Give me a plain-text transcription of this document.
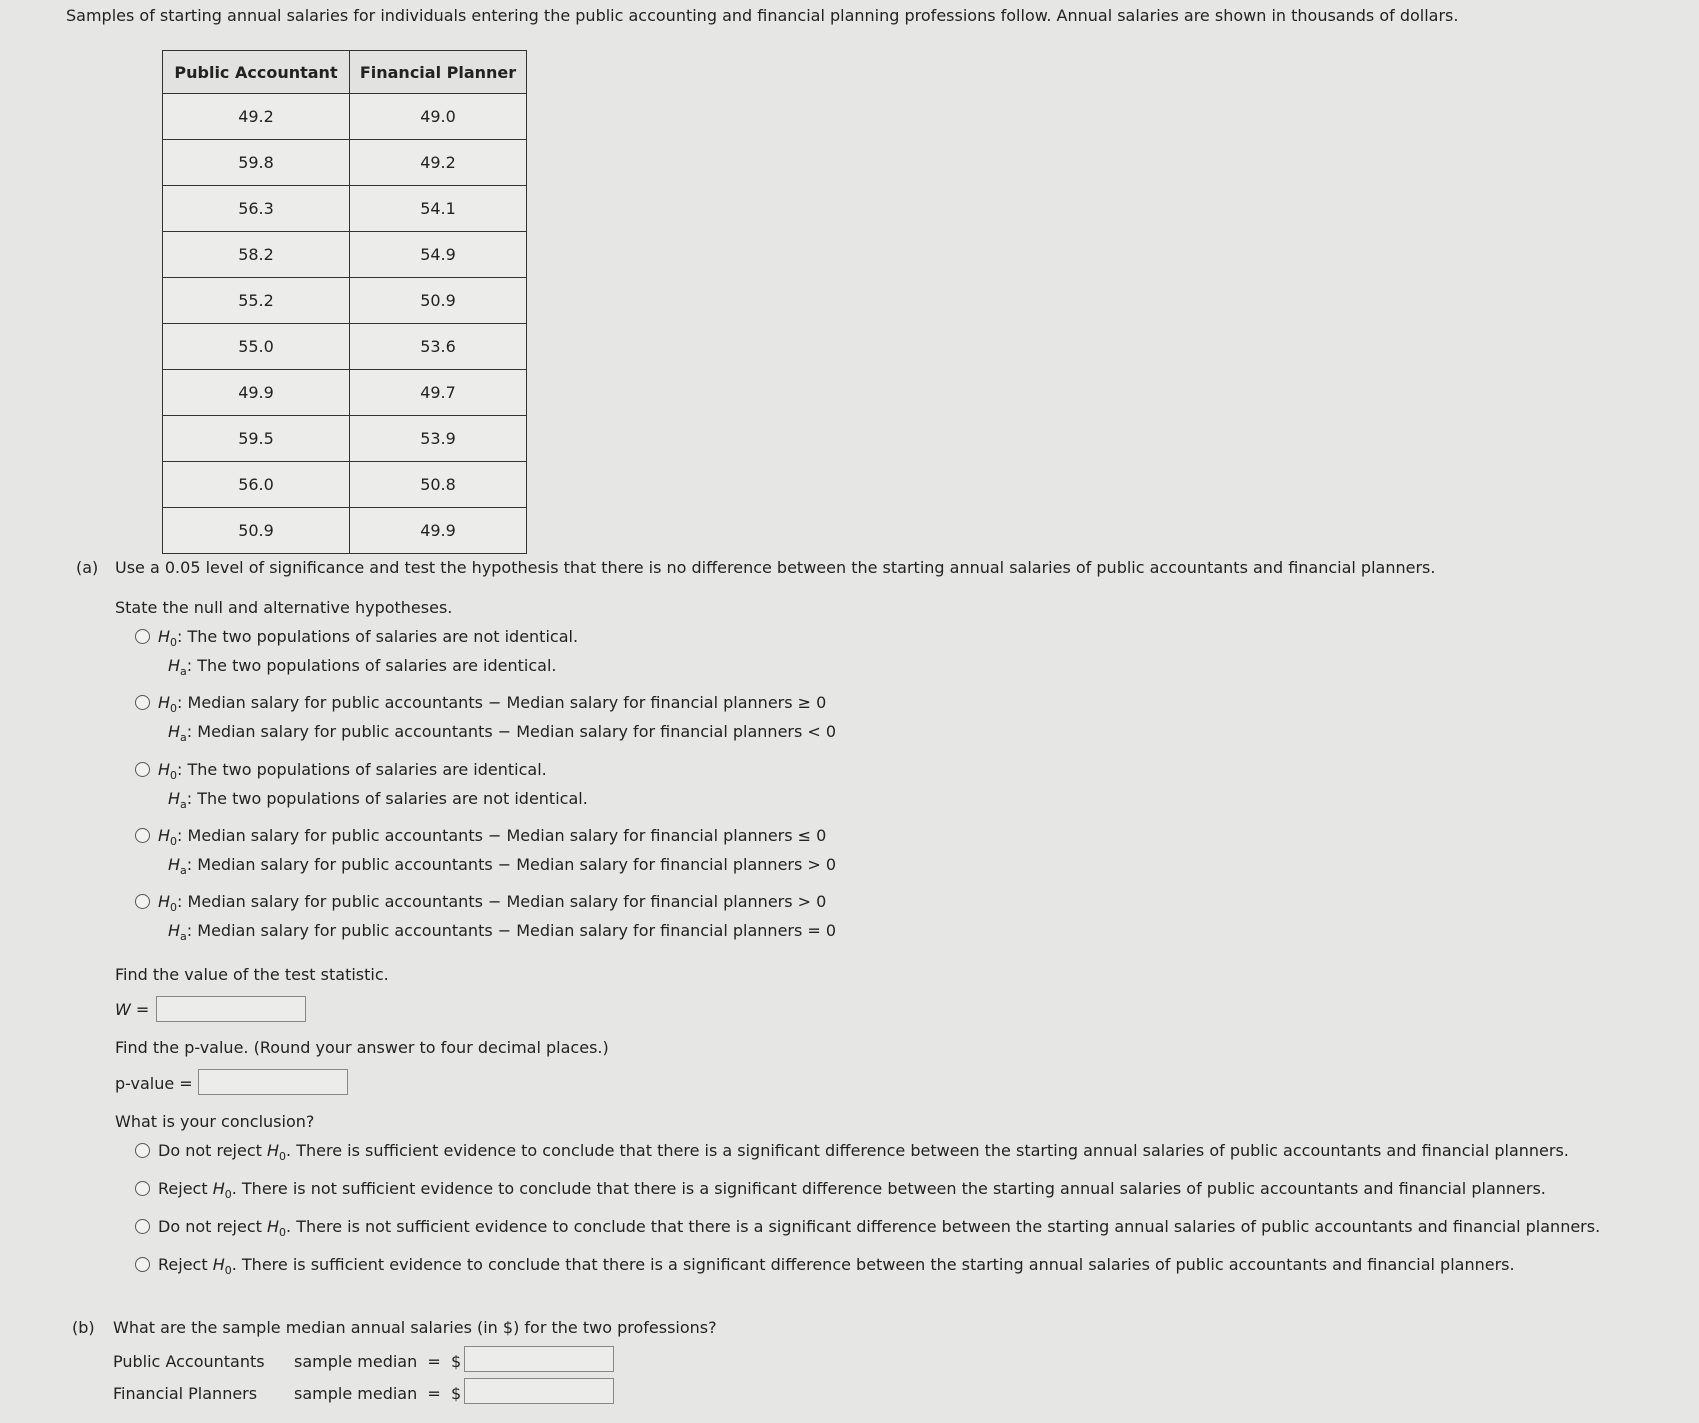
Samples of starting annual salaries for individuals entering the public accounting and financial planning professions follow. Annual salaries are shown in thousands of dollars.
Public Accountant	Financial Planner
49.2	49.0
59.8	49.2
56.3	54.1
58.2	54.9
55.2	50.9
55.0	53.6
49.9	49.7
59.5	53.9
56.0	50.8
50.9	49.9
(a) Use a 0.05 level of significance and test the hypothesis that there is no difference between the starting annual salaries of public accountants and financial planners.
State the null and alternative hypotheses.
$H_0$: The two populations of salaries are not identical.
$H_a$: The two populations of salaries are identical.
$H_0$: Median salary for public accountants − Median salary for financial planners ≥ 0
$H_a$: Median salary for public accountants − Median salary for financial planners < 0
$H_0$: The two populations of salaries are identical.
$H_a$: The two populations of salaries are not identical.
$H_0$: Median salary for public accountants − Median salary for financial planners ≤ 0
$H_a$: Median salary for public accountants − Median salary for financial planners > 0
$H_0$: Median salary for public accountants − Median salary for financial planners > 0
$H_a$: Median salary for public accountants − Median salary for financial planners = 0
Find the value of the test statistic.
W =
Find the p-value. (Round your answer to four decimal places.)
p-value =
What is your conclusion?
Do not reject $H_0$. There is sufficient evidence to conclude that there is a significant difference between the starting annual salaries of public accountants and financial planners.
Reject $H_0$. There is not sufficient evidence to conclude that there is a significant difference between the starting annual salaries of public accountants and financial planners.
Do not reject $H_0$. There is not sufficient evidence to conclude that there is a significant difference between the starting annual salaries of public accountants and financial planners.
Reject $H_0$. There is sufficient evidence to conclude that there is a significant difference between the starting annual salaries of public accountants and financial planners.
(b) What are the sample median annual salaries (in $) for the two professions?
Public Accountants sample median  =  $
Financial Planners sample median  =  $
